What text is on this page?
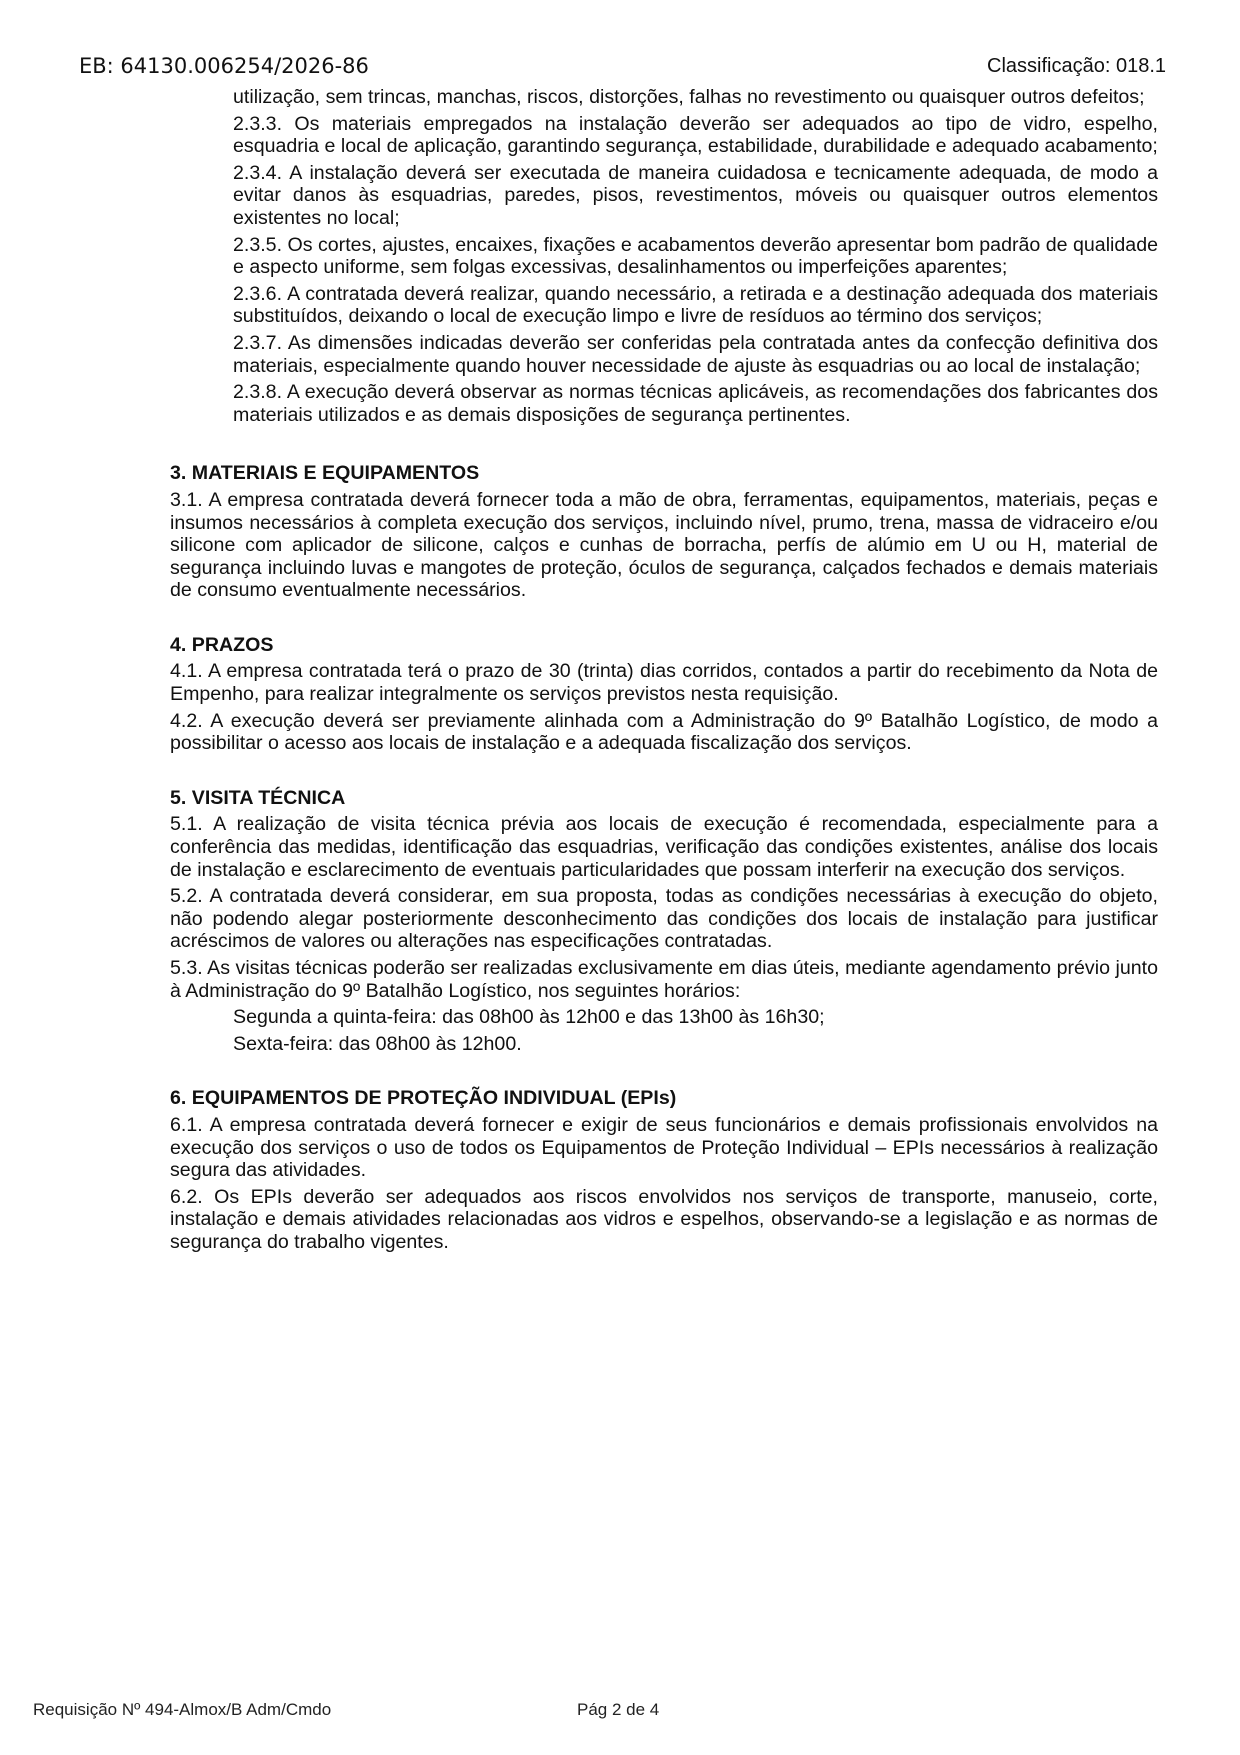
EB: 64130.006254/2026-86	Classificação: 018.1

utilização, sem trincas, manchas, riscos, distorções, falhas no revestimento ou quaisquer outros defeitos;

2.3.3. Os materiais empregados na instalação deverão ser adequados ao tipo de vidro, espelho, esquadria e local de aplicação, garantindo segurança, estabilidade, durabilidade e adequado acabamento;

2.3.4. A instalação deverá ser executada de maneira cuidadosa e tecnicamente adequada, de modo a evitar danos às esquadrias, paredes, pisos, revestimentos, móveis ou quaisquer outros elementos existentes no local;

2.3.5. Os cortes, ajustes, encaixes, fixações e acabamentos deverão apresentar bom padrão de qualidade e aspecto uniforme, sem folgas excessivas, desalinhamentos ou imperfeições aparentes;

2.3.6. A contratada deverá realizar, quando necessário, a retirada e a destinação adequada dos materiais substituídos, deixando o local de execução limpo e livre de resíduos ao término dos serviços;

2.3.7. As dimensões indicadas deverão ser conferidas pela contratada antes da confecção definitiva dos materiais, especialmente quando houver necessidade de ajuste às esquadrias ou ao local de instalação;

2.3.8. A execução deverá observar as normas técnicas aplicáveis, as recomendações dos fabricantes dos materiais utilizados e as demais disposições de segurança pertinentes.

3. MATERIAIS E EQUIPAMENTOS

3.1. A empresa contratada deverá fornecer toda a mão de obra, ferramentas, equipamentos, materiais, peças e insumos necessários à completa execução dos serviços, incluindo nível, prumo, trena, massa de vidraceiro e/ou silicone com aplicador de silicone, calços e cunhas de borracha, perfís de alúmio em U ou H, material de segurança incluindo luvas e mangotes de proteção, óculos de segurança, calçados fechados e demais materiais de consumo eventualmente necessários.

4. PRAZOS

4.1. A empresa contratada terá o prazo de 30 (trinta) dias corridos, contados a partir do recebimento da Nota de Empenho, para realizar integralmente os serviços previstos nesta requisição.

4.2. A execução deverá ser previamente alinhada com a Administração do 9º Batalhão Logístico, de modo a possibilitar o acesso aos locais de instalação e a adequada fiscalização dos serviços.

5. VISITA TÉCNICA

5.1. A realização de visita técnica prévia aos locais de execução é recomendada, especialmente para a conferência das medidas, identificação das esquadrias, verificação das condições existentes, análise dos locais de instalação e esclarecimento de eventuais particularidades que possam interferir na execução dos serviços.

5.2. A contratada deverá considerar, em sua proposta, todas as condições necessárias à execução do objeto, não podendo alegar posteriormente desconhecimento das condições dos locais de instalação para justificar acréscimos de valores ou alterações nas especificações contratadas.

5.3. As visitas técnicas poderão ser realizadas exclusivamente em dias úteis, mediante agendamento prévio junto à Administração do 9º Batalhão Logístico, nos seguintes horários:

Segunda a quinta-feira: das 08h00 às 12h00 e das 13h00 às 16h30;
Sexta-feira: das 08h00 às 12h00.
6. EQUIPAMENTOS DE PROTEÇÃO INDIVIDUAL (EPIs)

6.1. A empresa contratada deverá fornecer e exigir de seus funcionários e demais profissionais envolvidos na execução dos serviços o uso de todos os Equipamentos de Proteção Individual – EPIs necessários à realização segura das atividades.

6.2. Os EPIs deverão ser adequados aos riscos envolvidos nos serviços de transporte, manuseio, corte, instalação e demais atividades relacionadas aos vidros e espelhos, observando-se a legislação e as normas de segurança do trabalho vigentes.

Requisição Nº 494-Almox/B Adm/Cmdo	Pág 2 de 4
